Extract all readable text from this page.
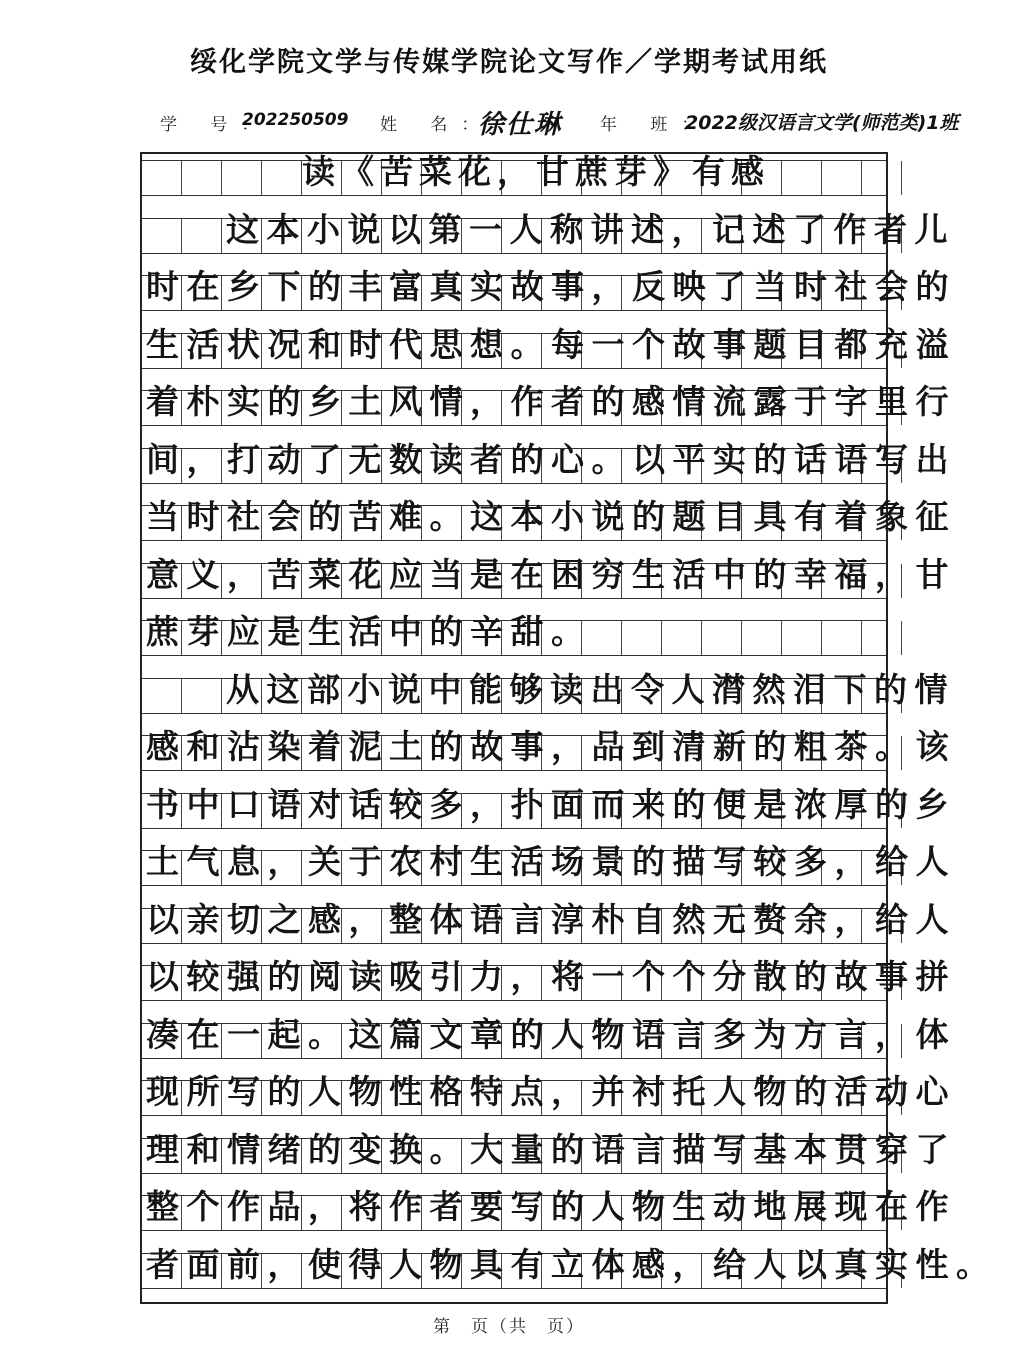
绥化学院文学与传媒学院论文写作／学期考试用纸
学 号：
202250509 姓 名：
徐仕琳 年 班：
2022级汉语言文学(师范类)1班
读《苦菜花，甘蔗芽》有感
这本小说以第一人称讲述，记述了作者儿
时在乡下的丰富真实故事，反映了当时社会的
生活状况和时代思想。每一个故事题目都充溢
着朴实的乡土风情，作者的感情流露于字里行
间，打动了无数读者的心。以平实的话语写出
当时社会的苦难。这本小说的题目具有着象征
意义，苦菜花应当是在困穷生活中的幸福，甘
蔗芽应是生活中的辛甜。
从这部小说中能够读出令人潸然泪下的情
感和沾染着泥土的故事，品到清新的粗茶。该
书中口语对话较多，扑面而来的便是浓厚的乡
土气息，关于农村生活场景的描写较多，给人
以亲切之感，整体语言淳朴自然无赘余，给人
以较强的阅读吸引力，将一个个分散的故事拼
凑在一起。这篇文章的人物语言多为方言，体
现所写的人物性格特点，并衬托人物的活动心
理和情绪的变换。大量的语言描写基本贯穿了
整个作品，将作者要写的人物生动地展现在作
者面前，使得人物具有立体感，给人以真实性。
第　页（共　页）
